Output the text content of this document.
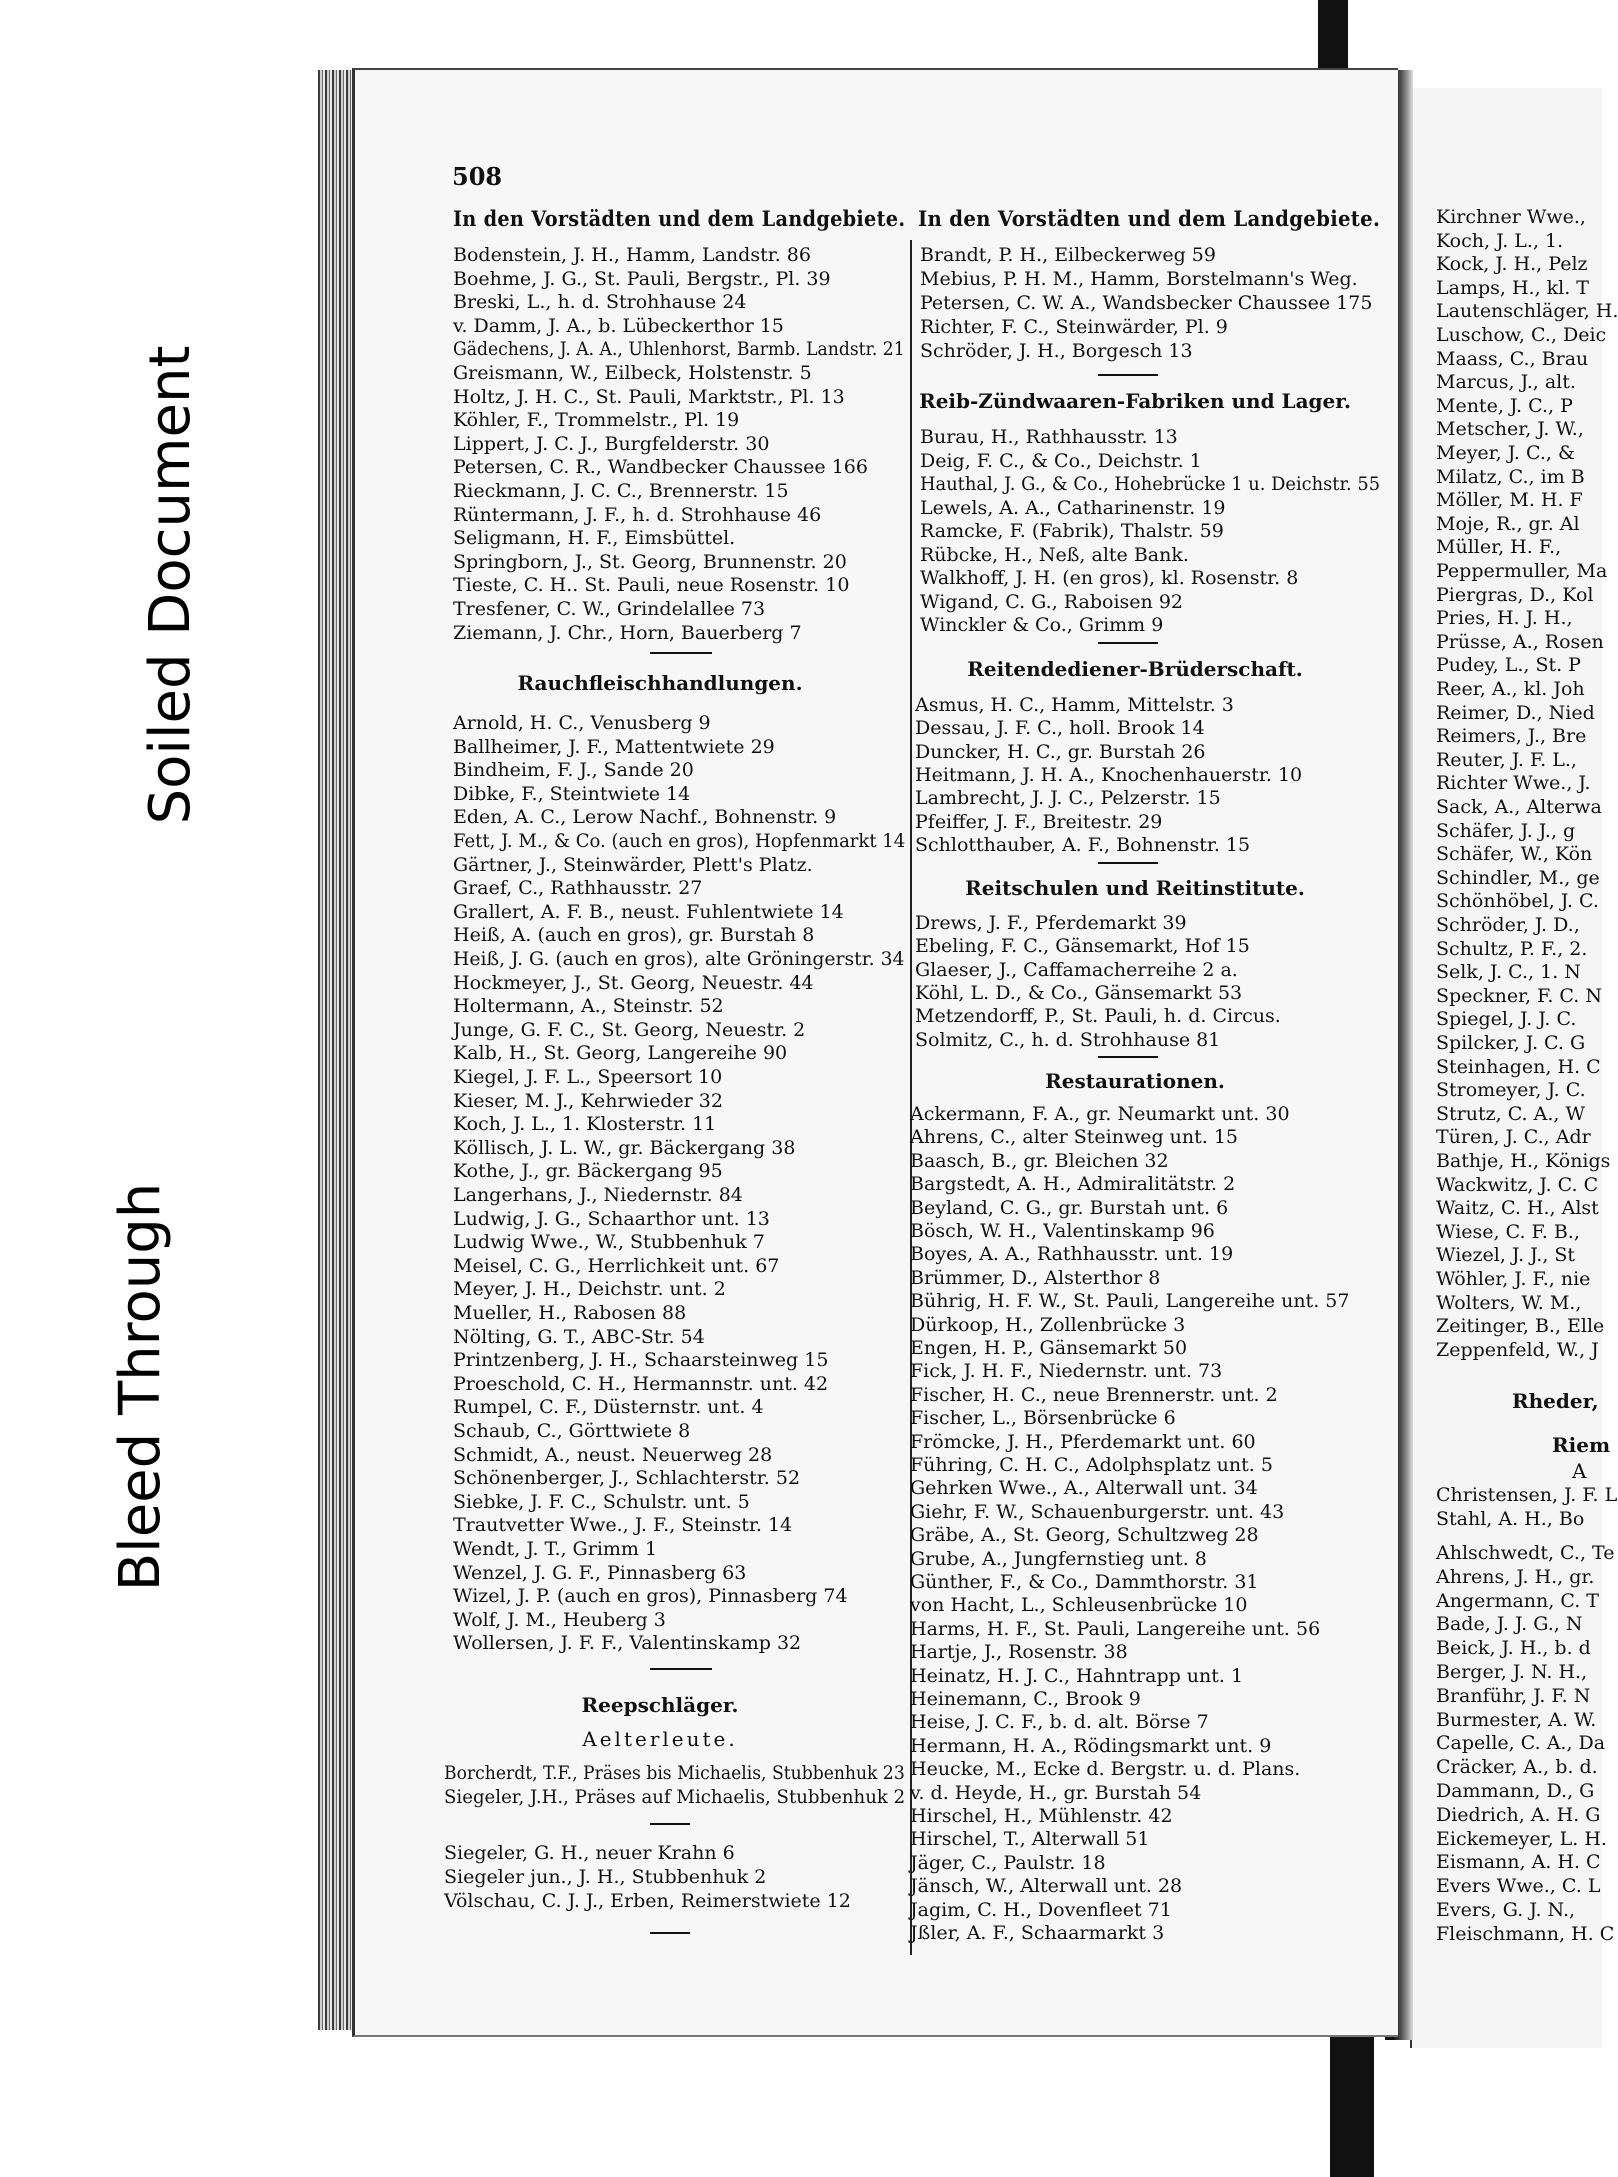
Kirchner Wwe.,
Koch, J. L., 1.
Kock, J. H., Pelz
Lamps, H., kl. T
Lautenschläger, H.
Luschow, C., Deic
Maass, C., Brau
Marcus, J., alt.
Mente, J. C., P
Metscher, J. W.,
Meyer, J. C., &
Milatz, C., im B
Möller, M. H. F
Moje, R., gr. Al
Müller, H. F.,
Peppermuller, Ma
Piergras, D., Kol
Pries, H. J. H.,
Prüsse, A., Rosen
Pudey, L., St. P
Reer, A., kl. Joh
Reimer, D., Nied
Reimers, J., Bre
Reuter, J. F. L.,
Richter Wwe., J.
Sack, A., Alterwa
Schäfer, J. J., g
Schäfer, W., Kön
Schindler, M., ge
Schönhöbel, J. C.
Schröder, J. D.,
Schultz, P. F., 2.
Selk, J. C., 1. N
Speckner, F. C. N
Spiegel, J. J. C.
Spilcker, J. C. G
Steinhagen, H. C
Stromeyer, J. C.
Strutz, C. A., W
Türen, J. C., Adr
Bathje, H., Königs
Wackwitz, J. C. C
Waitz, C. H., Alst
Wiese, C. F. B.,
Wiezel, J. J., St
Wöhler, J. F., nie
Wolters, W. M.,
Zeitinger, B., Elle
Zeppenfeld, W., J
Rheder,
Riem
A
Christensen, J. F. L
Stahl, A. H., Bo
Ahlschwedt, C., Te
Ahrens, J. H., gr.
Angermann, C. T
Bade, J. J. G., N
Beick, J. H., b. d
Berger, J. N. H.,
Branführ, J. F. N
Burmester, A. W.
Capelle, C. A., Da
Cräcker, A., b. d.
Dammann, D., G
Diedrich, A. H. G
Eickemeyer, L. H.
Eismann, A. H. C
Evers Wwe., C. L
Evers, G. J. N.,
Fleischmann, H. C
508
In den Vorstädten und dem Landgebiete.
Bodenstein, J. H., Hamm, Landstr. 86
Boehme, J. G., St. Pauli, Bergstr., Pl. 39
Breski, L., h. d. Strohhause 24
v. Damm, J. A., b. Lübeckerthor 15
Gädechens, J. A. A., Uhlenhorst, Barmb. Landstr. 21
Greismann, W., Eilbeck, Holstenstr. 5
Holtz, J. H. C., St. Pauli, Marktstr., Pl. 13
Köhler, F., Trommelstr., Pl. 19
Lippert, J. C. J., Burgfelderstr. 30
Petersen, C. R., Wandbecker Chaussee 166
Rieckmann, J. C. C., Brennerstr. 15
Rüntermann, J. F., h. d. Strohhause 46
Seligmann, H. F., Eimsbüttel.
Springborn, J., St. Georg, Brunnenstr. 20
Tieste, C. H.. St. Pauli, neue Rosenstr. 10
Tresfener, C. W., Grindelallee 73
Ziemann, J. Chr., Horn, Bauerberg 7
Rauchfleischhandlungen.
Arnold, H. C., Venusberg 9
Ballheimer, J. F., Mattentwiete 29
Bindheim, F. J., Sande 20
Dibke, F., Steintwiete 14
Eden, A. C., Lerow Nachf., Bohnenstr. 9
Fett, J. M., & Co. (auch en gros), Hopfenmarkt 14
Gärtner, J., Steinwärder, Plett's Platz.
Graef, C., Rathhausstr. 27
Grallert, A. F. B., neust. Fuhlentwiete 14
Heiß, A. (auch en gros), gr. Burstah 8
Heiß, J. G. (auch en gros), alte Gröningerstr. 34
Hockmeyer, J., St. Georg, Neuestr. 44
Holtermann, A., Steinstr. 52
Junge, G. F. C., St. Georg, Neuestr. 2
Kalb, H., St. Georg, Langereihe 90
Kiegel, J. F. L., Speersort 10
Kieser, M. J., Kehrwieder 32
Koch, J. L., 1. Klosterstr. 11
Köllisch, J. L. W., gr. Bäckergang 38
Kothe, J., gr. Bäckergang 95
Langerhans, J., Niedernstr. 84
Ludwig, J. G., Schaarthor unt. 13
Ludwig Wwe., W., Stubbenhuk 7
Meisel, C. G., Herrlichkeit unt. 67
Meyer, J. H., Deichstr. unt. 2
Mueller, H., Rabosen 88
Nölting, G. T., ABC-Str. 54
Printzenberg, J. H., Schaarsteinweg 15
Proeschold, C. H., Hermannstr. unt. 42
Rumpel, C. F., Düsternstr. unt. 4
Schaub, C., Görttwiete 8
Schmidt, A., neust. Neuerweg 28
Schönenberger, J., Schlachterstr. 52
Siebke, J. F. C., Schulstr. unt. 5
Trautvetter Wwe., J. F., Steinstr. 14
Wendt, J. T., Grimm 1
Wenzel, J. G. F., Pinnasberg 63
Wizel, J. P. (auch en gros), Pinnasberg 74
Wolf, J. M., Heuberg 3
Wollersen, J. F. F., Valentinskamp 32
Reepschläger.
Aelterleute.
Borcherdt, T.F., Präses bis Michaelis, Stubbenhuk 23
Siegeler, J.H., Präses auf Michaelis, Stubbenhuk 2
Siegeler, G. H., neuer Krahn 6
Siegeler jun., J. H., Stubbenhuk 2
Völschau, C. J. J., Erben, Reimerstwiete 12
In den Vorstädten und dem Landgebiete.
Brandt, P. H., Eilbeckerweg 59
Mebius, P. H. M., Hamm, Borstelmann's Weg.
Petersen, C. W. A., Wandsbecker Chaussee 175
Richter, F. C., Steinwärder, Pl. 9
Schröder, J. H., Borgesch 13
Reib-Zündwaaren-Fabriken und Lager.
Burau, H., Rathhausstr. 13
Deig, F. C., & Co., Deichstr. 1
Hauthal, J. G., & Co., Hohebrücke 1 u. Deichstr. 55
Lewels, A. A., Catharinenstr. 19
Ramcke, F. (Fabrik), Thalstr. 59
Rübcke, H., Neß, alte Bank.
Walkhoff, J. H. (en gros), kl. Rosenstr. 8
Wigand, C. G., Raboisen 92
Winckler & Co., Grimm 9
Reitendediener-Brüderschaft.
Asmus, H. C., Hamm, Mittelstr. 3
Dessau, J. F. C., holl. Brook 14
Duncker, H. C., gr. Burstah 26
Heitmann, J. H. A., Knochenhauerstr. 10
Lambrecht, J. J. C., Pelzerstr. 15
Pfeiffer, J. F., Breitestr. 29
Schlotthauber, A. F., Bohnenstr. 15
Reitschulen und Reitinstitute.
Drews, J. F., Pferdemarkt 39
Ebeling, F. C., Gänsemarkt, Hof 15
Glaeser, J., Caffamacherreihe 2 a.
Köhl, L. D., & Co., Gänsemarkt 53
Metzendorff, P., St. Pauli, h. d. Circus.
Solmitz, C., h. d. Strohhause 81
Restaurationen.
Ackermann, F. A., gr. Neumarkt unt. 30
Ahrens, C., alter Steinweg unt. 15
Baasch, B., gr. Bleichen 32
Bargstedt, A. H., Admiralitätstr. 2
Beyland, C. G., gr. Burstah unt. 6
Bösch, W. H., Valentinskamp 96
Boyes, A. A., Rathhausstr. unt. 19
Brümmer, D., Alsterthor 8
Bührig, H. F. W., St. Pauli, Langereihe unt. 57
Dürkoop, H., Zollenbrücke 3
Engen, H. P., Gänsemarkt 50
Fick, J. H. F., Niedernstr. unt. 73
Fischer, H. C., neue Brennerstr. unt. 2
Fischer, L., Börsenbrücke 6
Frömcke, J. H., Pferdemarkt unt. 60
Führing, C. H. C., Adolphsplatz unt. 5
Gehrken Wwe., A., Alterwall unt. 34
Giehr, F. W., Schauenburgerstr. unt. 43
Gräbe, A., St. Georg, Schultzweg 28
Grube, A., Jungfernstieg unt. 8
Günther, F., & Co., Dammthorstr. 31
von Hacht, L., Schleusenbrücke 10
Harms, H. F., St. Pauli, Langereihe unt. 56
Hartje, J., Rosenstr. 38
Heinatz, H. J. C., Hahntrapp unt. 1
Heinemann, C., Brook 9
Heise, J. C. F., b. d. alt. Börse 7
Hermann, H. A., Rödingsmarkt unt. 9
Heucke, M., Ecke d. Bergstr. u. d. Plans.
v. d. Heyde, H., gr. Burstah 54
Hirschel, H., Mühlenstr. 42
Hirschel, T., Alterwall 51
Jäger, C., Paulstr. 18
Jänsch, W., Alterwall unt. 28
Jagim, C. H., Dovenfleet 71
Jßler, A. F., Schaarmarkt 3
Soiled Document
Bleed Through
